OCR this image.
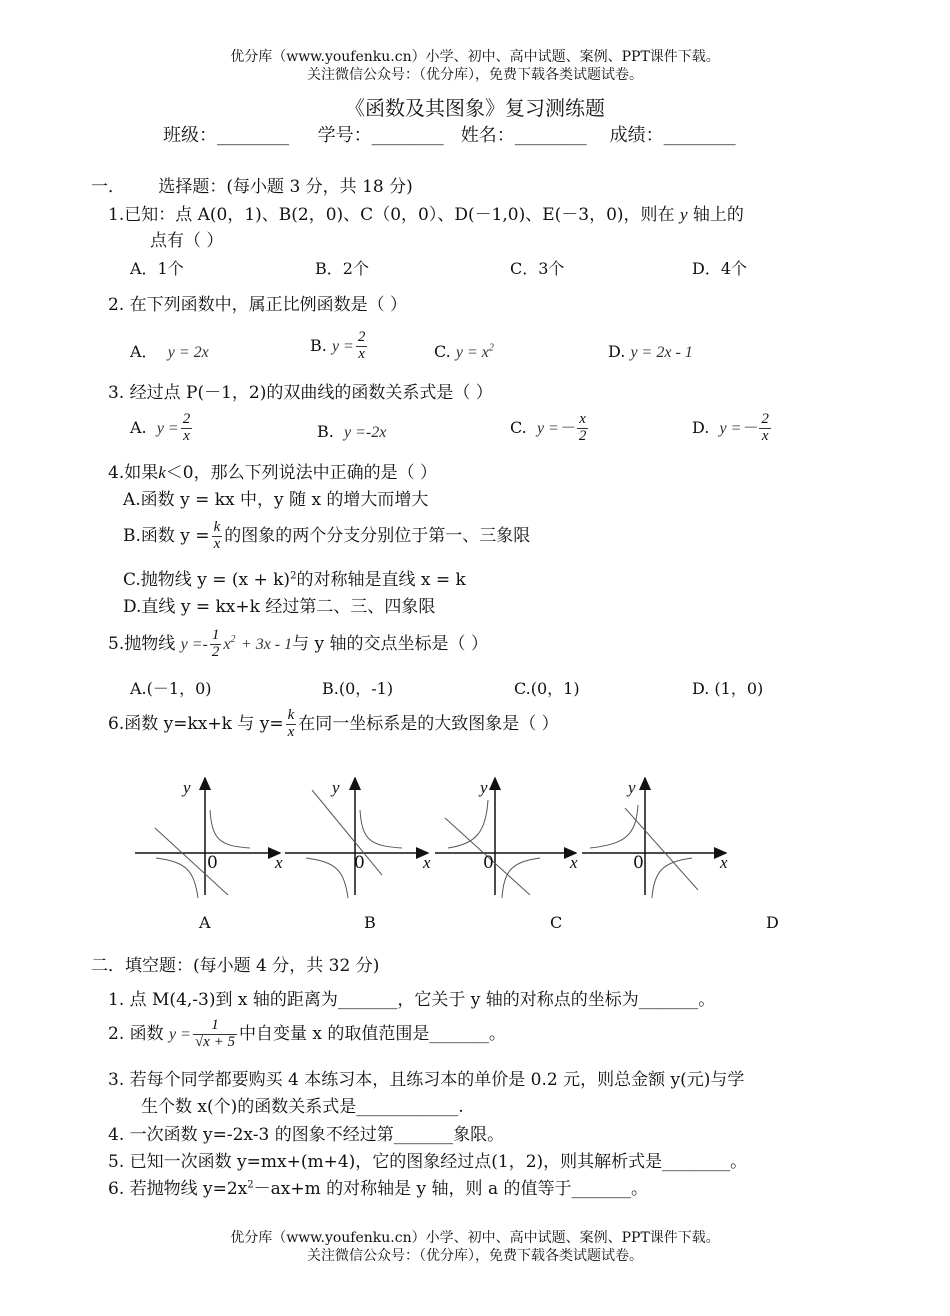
优分库（www.youfenku.cn）小学、初中、高中试题、案例、PPT课件下载。
关注微信公众号：（优分库），免费下载各类试题试卷。
《函数及其图象》复习测练题
班级：________ 学号：________ 姓名：________ 成绩：________
一． 选择题：(每小题 3 分，共 18 分)
1.已知：点 A(0，1)、B(2，0)、C（0，0）、D(－1,0)、E(－3，0)，则在 y 轴上的
点有（ ）
A．1个	B．2个	C．3个	D．4个
2. 在下列函数中，属正比例函数是（ ）
A． y = 2x	B. $y = \frac{2}{x}$	C. $y = x^2$	D. y = 2x - 1
3. 经过点 P(－1，2)的双曲线的函数关系式是（ ）
A. $y = \frac{2}{x}$	B. y =-2x	C. $y =- \frac{x}{2}$	D. $y =- \frac{2}{x}$
4.如果k＜0，那么下列说法中正确的是（ ）
A.函数 y = kx 中，y 随 x 的增大而增大
B.函数 $y = \frac{k}{x}$ 的图象的两个分支分别位于第一、三象限
C.抛物线 $y = (x + k)^2$的对称轴是直线 x = k
D.直线 y = kx+k 经过第二、三、四象限
5.抛物线 $y =- \frac{1}{2} x^2 + 3x - 1$与 y 轴的交点坐标是（ ）
A.(－1，0)	B.(0，-1)	C.(0，1)	D. (1，0)
6.函数 y=kx+k 与 $y= \frac{k}{x}$ 在同一坐标系是的大致图象是（ ）
y	y	y	y
x	x	x	x
0	0	0	0
A	B	C	D
二．填空题：(每小题 4 分，共 32 分)
1. 点 M(4,-3)到 x 轴的距离为_______，它关于 y 轴的对称点的坐标为_______。
2. 函数 $y = \frac{1}{√x + 5}$ 中自变量 x 的取值范围是_______。
3. 若每个同学都要购买 4 本练习本，且练习本的单价是 0.2 元，则总金额 y(元)与学
生个数 x(个)的函数关系式是____________.
4. 一次函数 y=-2x-3 的图象不经过第_______象限。
5. 已知一次函数 y=mx+(m+4)，它的图象经过点(1，2)，则其解析式是________。
6. 若抛物线 $y=2x^2-ax+m$ 的对称轴是 y 轴，则 a 的值等于_______。
优分库（www.youfenku.cn）小学、初中、高中试题、案例、PPT课件下载。
关注微信公众号：（优分库），免费下载各类试题试卷。
